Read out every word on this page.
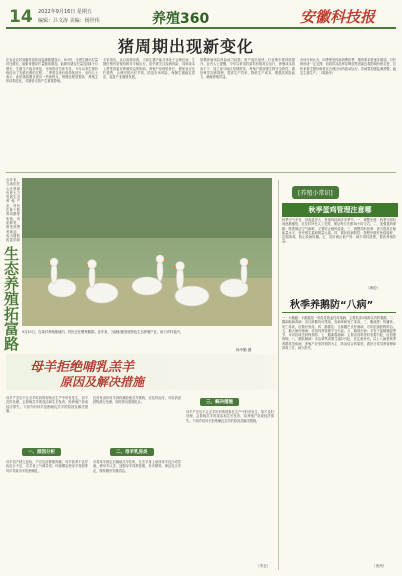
14 2022年9月16日 星期五
编辑：吕文涛 美编：杨世伟	养殖360	安徽科技报
猪周期出现新变化
在农业农村部畜牧兽医局监测数据显示，8月份，全国生猪出栏量环比增长，能繁母猪存栏量继续增加，能繁母猪存栏量连续4个月增长，生猪生产稳步恢复，市场供应总体充足，今年以来生猪价格经历了先跌后涨的过程，二季度以来价格持续回升，业内人士表示，此轮猪周期呈现出一些新特点，规模化程度提高、养殖主体结构变化，对猪价走势产生重要影响。
专家指出，从目前情况看，当前生猪产能总体处于合理区间，生猪价格有望保持相对平稳运行，但仍需关注疫病风险、饲料成本上涨等因素对养殖效益的影响，养殖户应理性补栏，避免盲目压栏惜售，合理安排出栏节奏，防范市场风险，保障生猪稳定供应，促进产业健康发展。
规模养殖场抗风险能力较强，散户退出加快，行业集中度持续提升。业内人士提醒，今年以来饲料原料价格高位运行，养殖成本居高不下，加之部分地区疫情散发，养殖户需加强生物安全防控，做好科学饲养管理，提高生产效率，降低生产成本，增强抗风险能力，确保养殖效益。
市场分析认为，四季度是传统消费旺季，猪肉需求将逐步增加，对价格形成一定支撑，但同时冻品库存释放等因素也将影响价格走势，总体来看生猪价格将在合理区间内波动运行，各地要加强监测预警，稳定生猪生产。（陈新华）
近年来，当地依托山区资源优势大力发展生态养殖产业，村民在林下散养鸡鹅等家禽，肉质鲜美，深受消费者欢迎，成为增收致富的新
生态养殖拓富路 9月15日，在某村养殖基地内，村民正在喂养鹅群。近年来，当地积极发展特色生态养殖产业，助力乡村振兴。
杨中勤 摄
[养殖小常识]
秋季蛋鸡管理注意哪
秋季天气多变，昼夜温差大，是蛋鸡疫病多发季节。一、调整光照：秋季日照时间逐渐缩短，应及时补充人工光照，保证每天光照16小时左右。二、加强通风保暖：既要保证空气新鲜，又要防止贼风侵袭。三、调整饲料营养：适当提高日粮能量水平，补充维生素和微量元素。四、做好疫病防控：按程序做好免疫接种，定期消毒，防止疾病传播。五、及时淘汰低产鸡：减少饲料浪费，提高养殖效益。
（黄伦）
秋季养鹅防“八病”
一、小鹅瘟：小鹅瘟是一种急性败血性传染病，主要危害3周龄以内的雏鹅。二、鹅副粘病毒病：各日龄鹅均可感染，发病率和死亡率高。三、鹅流感：传播快，死亡率高，应做好免疫。四、鹅霍乱：又称鹅巴氏杆菌病，可用抗菌药物防治。五、鹅大肠杆菌病：多因饲养管理不当引起。六、鹅球虫病：多发于温暖潮湿季节，可用抗球虫药物预防。七、鹅曲霉菌病：主要由饲料垫料发霉引起，应加强管理。八、鹅软脚病：多由缺钙或维生素D引起，应注意补充。以上八病是秋季养鹅常见疾病，养殖户应坚持预防为主、防治结合的原则，做好日常饲养管理和消毒工作，减少损失。
（贵州）
母羊拒绝哺乳羔羊
原因及解决措施
母羊产羔后不让羔羊吃奶的现象在生产中时有发生，如不及时处理，会影响羔羊的成活和生长发育，给养殖户造成经济损失。下面介绍母羊拒绝哺乳羔羊的原因及解决措施。
一、原因分析
母羊初产缺乏经验，产后乳房肿胀疼痛，母羊营养不良导致乳汁不足，羔羊身上气味异常，环境嘈杂使母羊受惊等均可导致母羊拒绝哺乳。
乳房发炎时母羊因疼痛拒绝羔羊吸吮，应及时治疗，可用消炎药物进行处理，同时挤出患侧乳汁。
二、母羊乳房炎
可将母羊保定后辅助羔羊吃奶，在羔羊身上涂抹母羊乳汁或尿液，使母羊认羔，加强母羊饲养管理，补充精料，保证乳汁充足，保持圈舍安静清洁。
三、解决措施
母羊产羔后不让羔羊吃奶的现象在生产中时有发生，如不及时处理，会影响羔羊的成活和生长发育，给养殖户造成经济损失。下面介绍母羊拒绝哺乳羔羊的原因及解决措施。
（安农）
